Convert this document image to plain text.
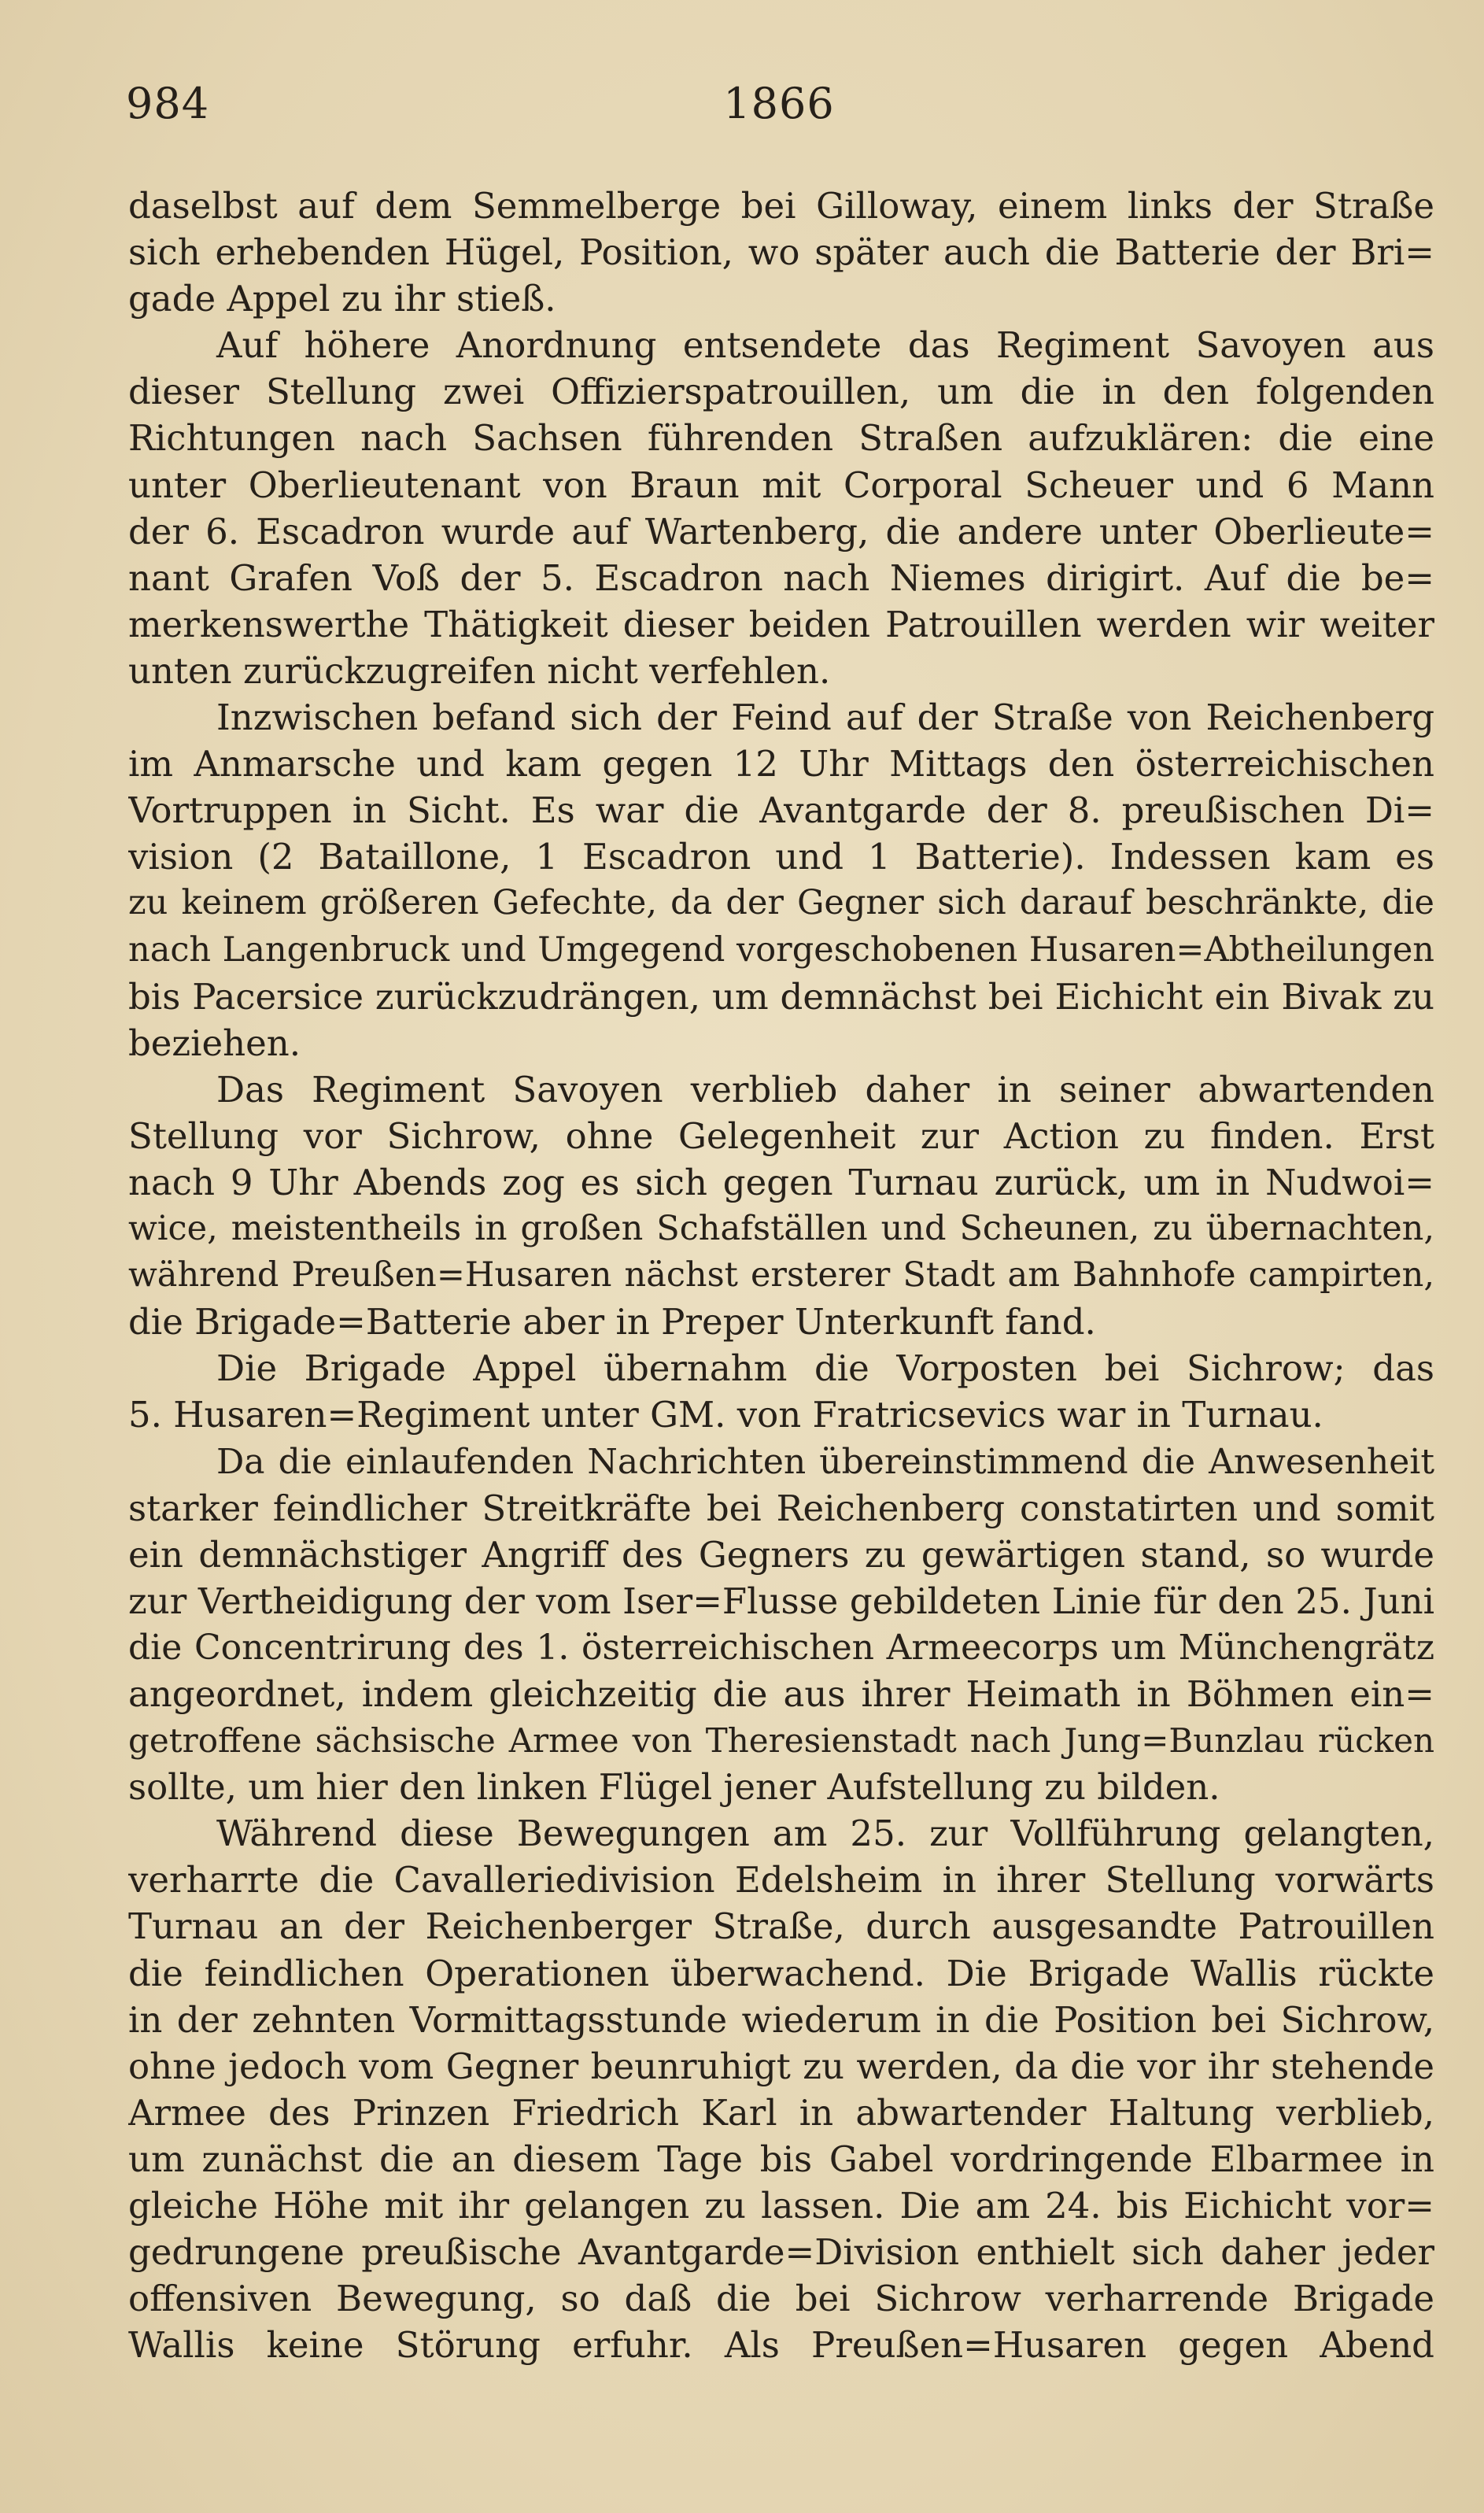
984	1866
daselbst auf dem Semmelberge bei Gilloway, einem links der Straße
sich erhebenden Hügel, Position, wo später auch die Batterie der Bri=
gade Appel zu ihr stieß.
Auf höhere Anordnung entsendete das Regiment Savoyen aus
dieser Stellung zwei Offizierspatrouillen, um die in den folgenden
Richtungen nach Sachsen führenden Straßen aufzuklären: die eine
unter Oberlieutenant von Braun mit Corporal Scheuer und 6 Mann
der 6. Escadron wurde auf Wartenberg, die andere unter Oberlieute=
nant Grafen Voß der 5. Escadron nach Niemes dirigirt. Auf die be=
merkenswerthe Thätigkeit dieser beiden Patrouillen werden wir weiter
unten zurückzugreifen nicht verfehlen.
Inzwischen befand sich der Feind auf der Straße von Reichenberg
im Anmarsche und kam gegen 12 Uhr Mittags den österreichischen
Vortruppen in Sicht. Es war die Avantgarde der 8. preußischen Di=
vision (2 Bataillone, 1 Escadron und 1 Batterie). Indessen kam es
zu keinem größeren Gefechte, da der Gegner sich darauf beschränkte, die
nach Langenbruck und Umgegend vorgeschobenen Husaren=Abtheilungen
bis Pacersice zurückzudrängen, um demnächst bei Eichicht ein Bivak zu
beziehen.
Das Regiment Savoyen verblieb daher in seiner abwartenden
Stellung vor Sichrow, ohne Gelegenheit zur Action zu finden. Erst
nach 9 Uhr Abends zog es sich gegen Turnau zurück, um in Nudwoi=
wice, meistentheils in großen Schafställen und Scheunen, zu übernachten,
während Preußen=Husaren nächst ersterer Stadt am Bahnhofe campirten,
die Brigade=Batterie aber in Preper Unterkunft fand.
Die Brigade Appel übernahm die Vorposten bei Sichrow; das
5. Husaren=Regiment unter GM. von Fratricsevics war in Turnau.
Da die einlaufenden Nachrichten übereinstimmend die Anwesenheit
starker feindlicher Streitkräfte bei Reichenberg constatirten und somit
ein demnächstiger Angriff des Gegners zu gewärtigen stand, so wurde
zur Vertheidigung der vom Iser=Flusse gebildeten Linie für den 25. Juni
die Concentrirung des 1. österreichischen Armeecorps um Münchengrätz
angeordnet, indem gleichzeitig die aus ihrer Heimath in Böhmen ein=
getroffene sächsische Armee von Theresienstadt nach Jung=Bunzlau rücken
sollte, um hier den linken Flügel jener Aufstellung zu bilden.
Während diese Bewegungen am 25. zur Vollführung gelangten,
verharrte die Cavalleriedivision Edelsheim in ihrer Stellung vorwärts
Turnau an der Reichenberger Straße, durch ausgesandte Patrouillen
die feindlichen Operationen überwachend. Die Brigade Wallis rückte
in der zehnten Vormittagsstunde wiederum in die Position bei Sichrow,
ohne jedoch vom Gegner beunruhigt zu werden, da die vor ihr stehende
Armee des Prinzen Friedrich Karl in abwartender Haltung verblieb,
um zunächst die an diesem Tage bis Gabel vordringende Elbarmee in
gleiche Höhe mit ihr gelangen zu lassen. Die am 24. bis Eichicht vor=
gedrungene preußische Avantgarde=Division enthielt sich daher jeder
offensiven Bewegung, so daß die bei Sichrow verharrende Brigade
Wallis keine Störung erfuhr. Als Preußen=Husaren gegen Abend
